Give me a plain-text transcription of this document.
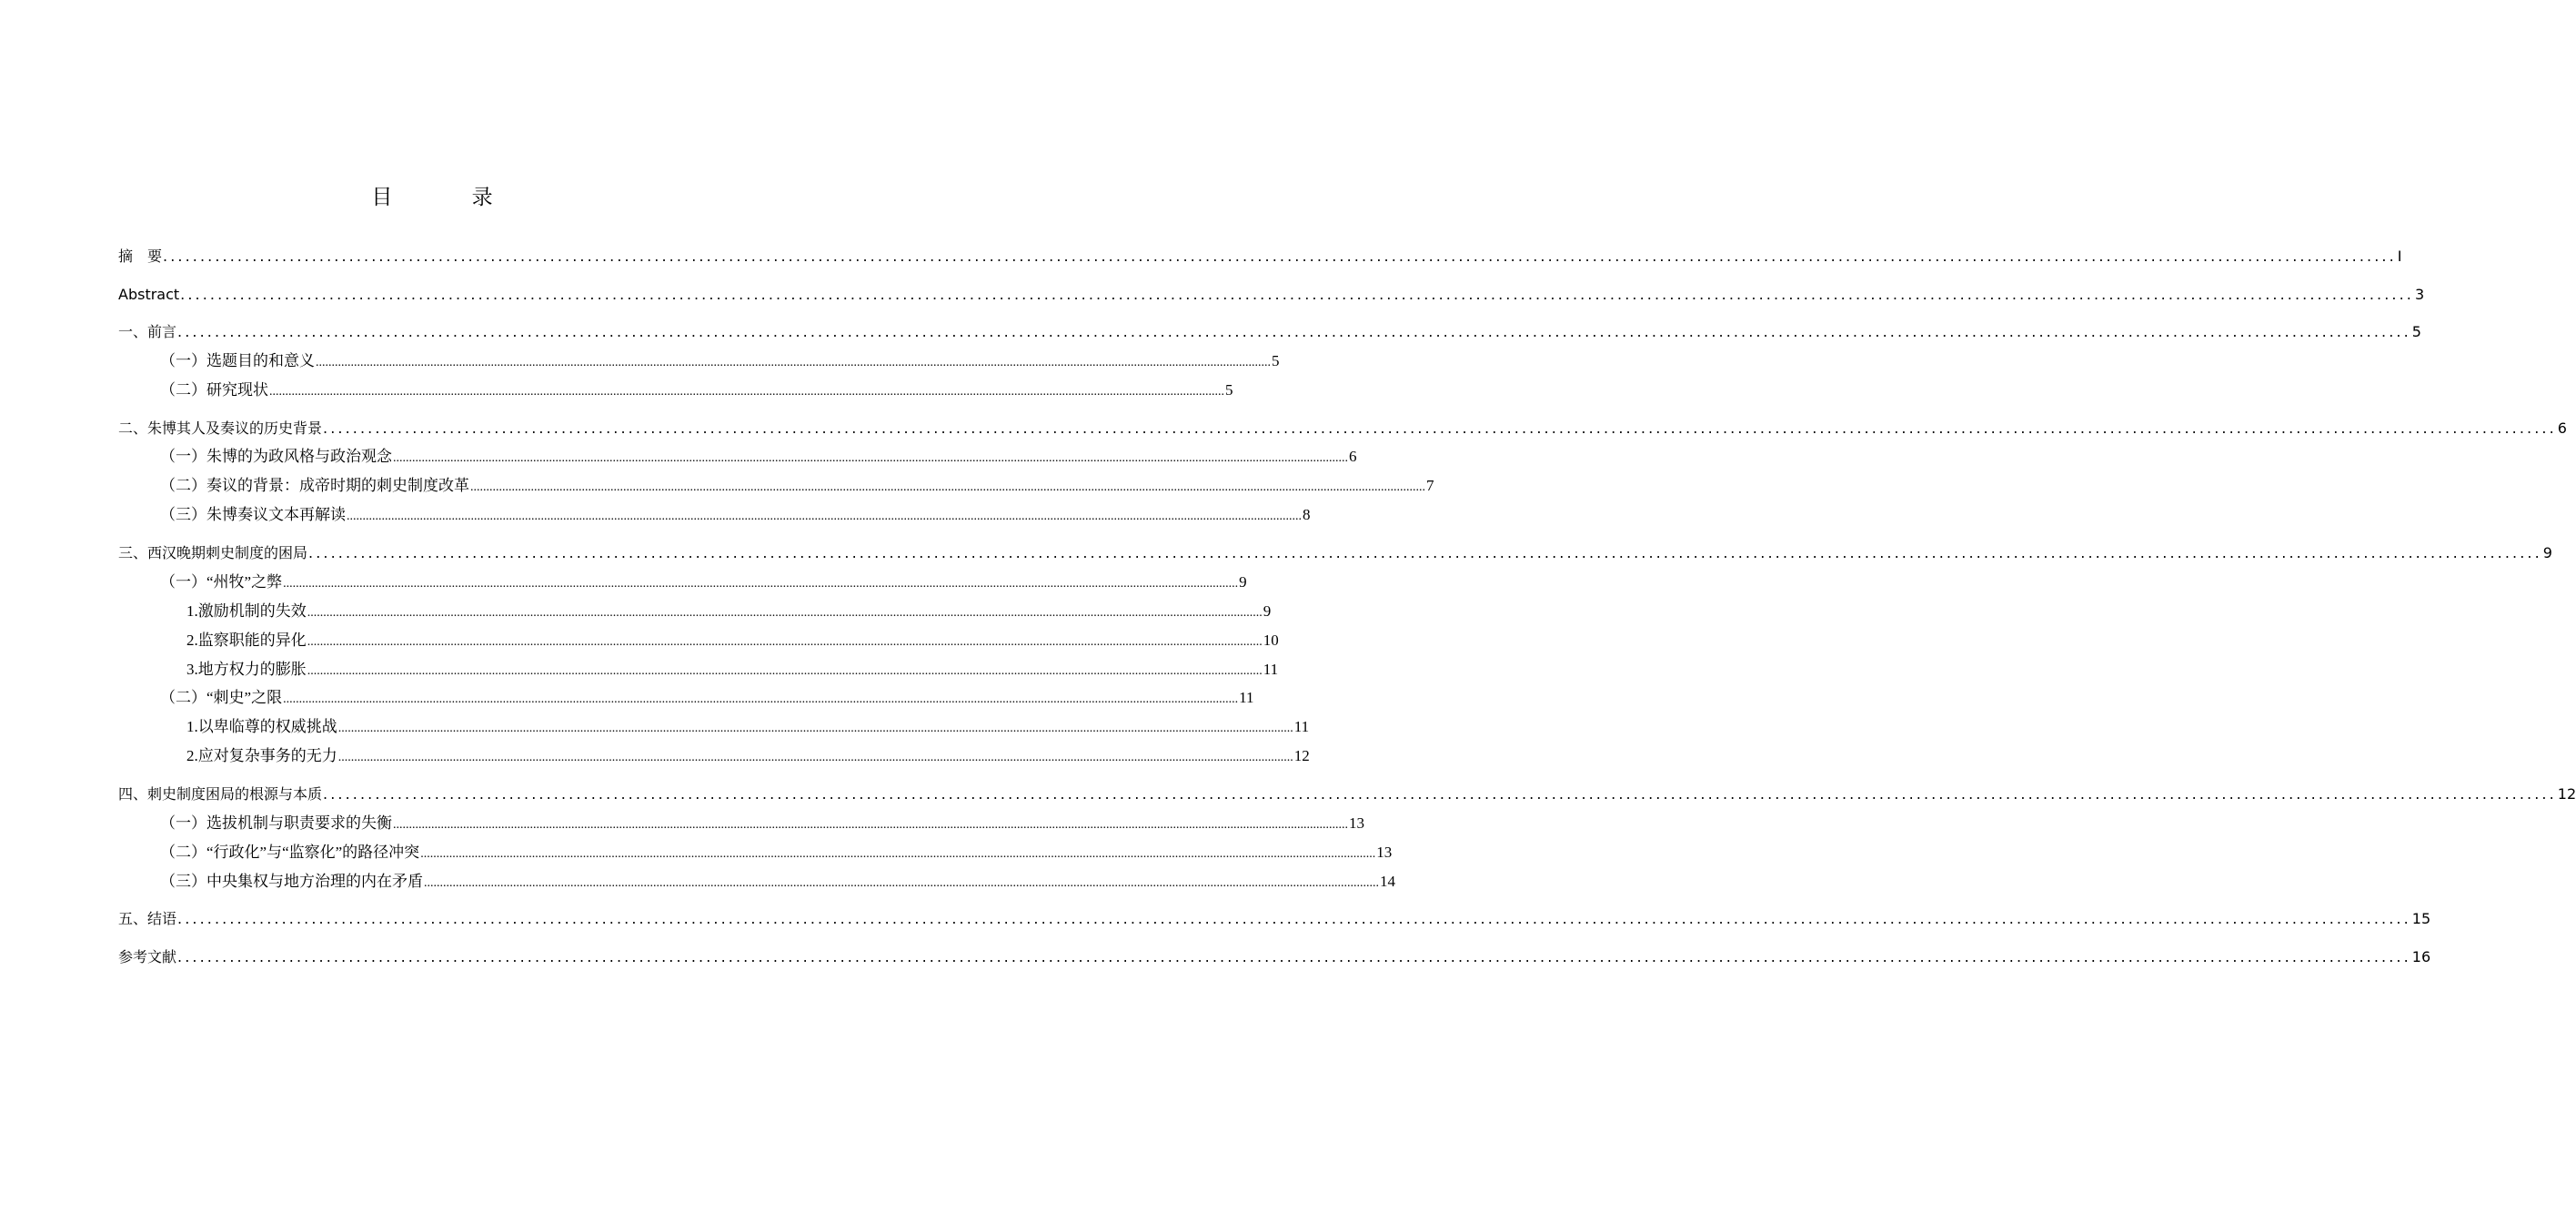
目 录
摘　要 ............................................................................................................................................................................................................................................................................................................ I
Abstract ............................................................................................................................................................................................................................................................................................................ 3
一、前言 ............................................................................................................................................................................................................................................................................................................ 5
（一）选题目的和意义 ............................................................................................................................................................................................................................................................................................................ 5
（二）研究现状 ............................................................................................................................................................................................................................................................................................................ 5
二、朱博其人及奏议的历史背景 ............................................................................................................................................................................................................................................................................................................ 6
（一）朱博的为政风格与政治观念 ............................................................................................................................................................................................................................................................................................................ 6
（二）奏议的背景：成帝时期的刺史制度改革 ............................................................................................................................................................................................................................................................................................................ 7
（三）朱博奏议文本再解读 ............................................................................................................................................................................................................................................................................................................ 8
三、西汉晚期刺史制度的困局 ............................................................................................................................................................................................................................................................................................................ 9
（一）“州牧”之弊 ............................................................................................................................................................................................................................................................................................................ 9
1.激励机制的失效 ............................................................................................................................................................................................................................................................................................................ 9
2.监察职能的异化 ............................................................................................................................................................................................................................................................................................................ 10
3.地方权力的膨胀 ............................................................................................................................................................................................................................................................................................................ 11
（二）“刺史”之限 ............................................................................................................................................................................................................................................................................................................ 11
1.以卑临尊的权威挑战 ............................................................................................................................................................................................................................................................................................................ 11
2.应对复杂事务的无力 ............................................................................................................................................................................................................................................................................................................ 12
四、刺史制度困局的根源与本质 ............................................................................................................................................................................................................................................................................................................ 12
（一）选拔机制与职责要求的失衡 ............................................................................................................................................................................................................................................................................................................ 13
（二）“行政化”与“监察化”的路径冲突 ............................................................................................................................................................................................................................................................................................................ 13
（三）中央集权与地方治理的内在矛盾 ............................................................................................................................................................................................................................................................................................................ 14
五、结语 ............................................................................................................................................................................................................................................................................................................ 15
参考文献 ............................................................................................................................................................................................................................................................................................................ 16
